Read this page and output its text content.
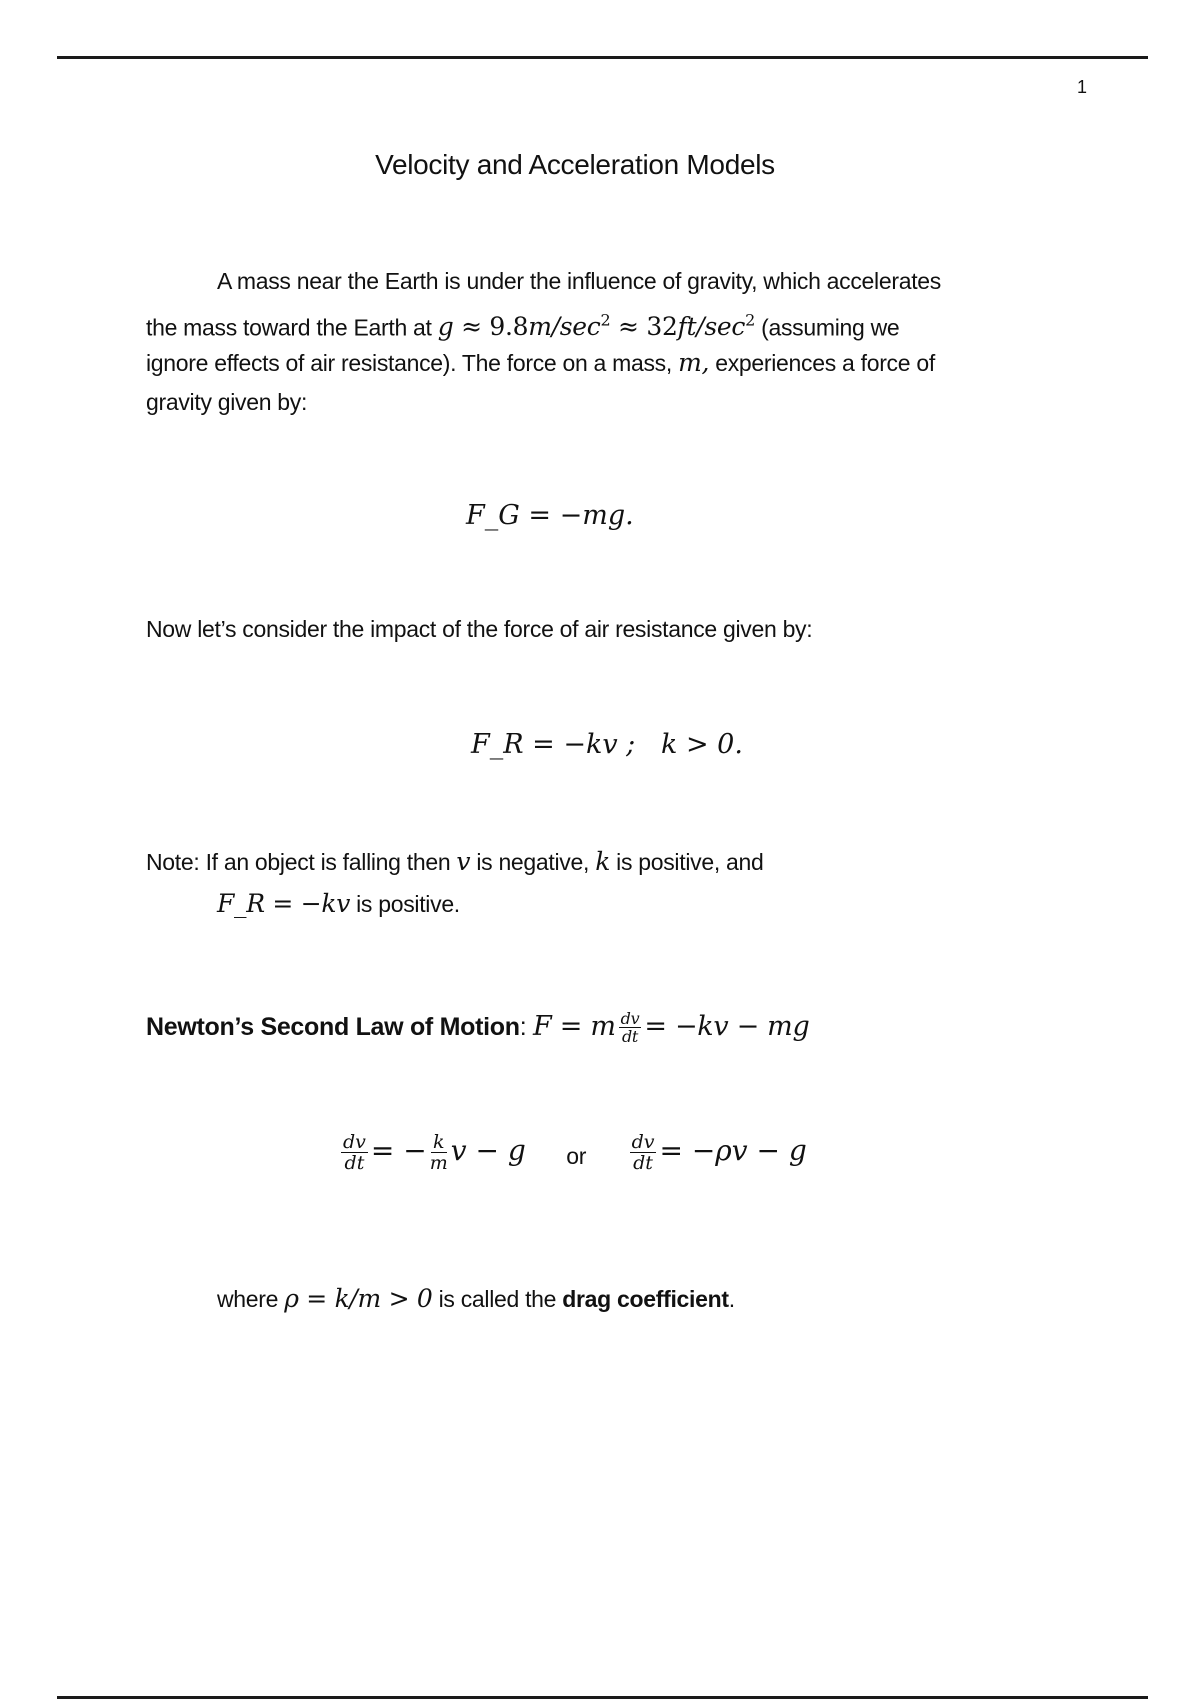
1
Velocity and Acceleration Models
A mass near the Earth is under the influence of gravity, which accelerates
the mass toward the Earth at $g \approx 9.8m/\sec^2 \approx 32ft/\sec^2$ (assuming we
ignore effects of air resistance). The force on a mass, m, experiences a force of
gravity given by:
F_G = −mg.
Now let’s consider the impact of the force of air resistance given by:
F_R = −kv ;   k > 0.
Note: If an object is falling then v is negative, k is positive, and
F_R = −kv is positive.
Newton’s Second Law of Motion: F = m $\frac{dv}{dt} = -kv$ − mg
$\frac{dv}{dt}$ = − $\frac{k}{m}$ v − g or $\frac{dv}{dt} = -\rho v - g$
where ρ = k/m > 0 is called the drag coefficient.
